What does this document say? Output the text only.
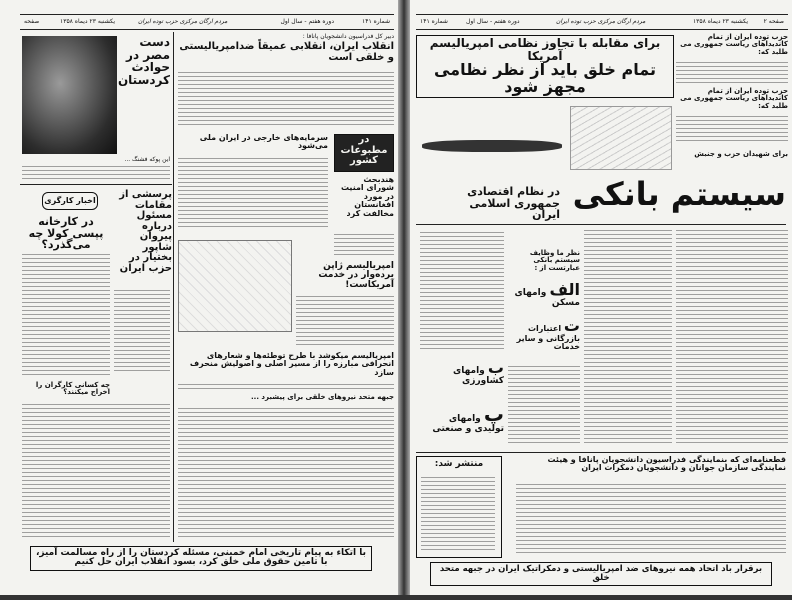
شماره ۱۴۱
دوره هفتم - سال اول
مردم ارگان مرکزی حزب توده ایران
یکشنبه ۲۳ دیماه ۱۳۵۸
صفحه
دبیر کل فدراسیون دانشجویان پانافا :
انقلاب ایران، انقلابی عمیقاً ضدامپریالیستی و خلقی است
دست مصر در حوادث کردستان
این پوکه فشنگ ...
سرمایه‌های خارجی در ایران ملی می‌شود
در مطبوعات کشور
هندبحث شورای امنیت در مورد افغانستان مخالفت کرد
امپریالیسم ژاپن برده‌وار در خدمت آمریکاست!
پرسشی از مقامات مسئول درباره پیروان شاپور بختیار در حزب ایران
اخبار کارگری
در کارخانه پپسی کولا چه می‌گذرد؟
چه کسانی کارگران را اخراج میکنند؟
امپریالیسم میکوشد با طرح توطئه‌ها و شعارهای انحرافی مبارزه را از مسیر اصلی و اصولیش منحرف سازد
جبهه متحد نیروهای خلقی برای پیشبرد ...
با اتکاء به پیام تاریخی امام خمینی، مسئله کردستان را از راه مسالمت آمیز، با تامین حقوق ملی خلق کرد، بسود انقلاب ایران حل کنیم
صفحه ۲
یکشنبه ۲۳ دیماه ۱۳۵۸
مردم ارگان مرکزی حزب توده ایران
دوره هفتم - سال اول
شماره ۱۴۱
حزب توده ایران از تمام کاندیداهای ریاست جمهوری می طلبد که:
حزب توده ایران از تمام کاندیداهای ریاست جمهوری می طلبد که:
برای شهیدان حزب و جنبش
برای مقابله با تجاوز نظامی امپریالیسم آمریکا
تمام خلق باید از نظر نظامی مجهز شود
سیستم بانکی
در نظام اقتصادی جمهوری اسلامی ایران
نظر ما وظایف سیستم بانکی عبارتست از :
الف وامهای مسکن
ت اعتبارات بازرگانی و سایر خدمات
ب وامهای کشاورزی
پ وامهای تولیدی و صنعتی
قطعنامه‌ای که بنمایندگی فدراسیون دانشجویان پانافا و هیئت نمایندگی سازمان جوانان و دانشجویان دمکرات ایران
منتشر شد:
برقرار باد اتحاد همه نیروهای ضد امپریالیستی و دمکراتیک ایران در جبهه متحد خلق
